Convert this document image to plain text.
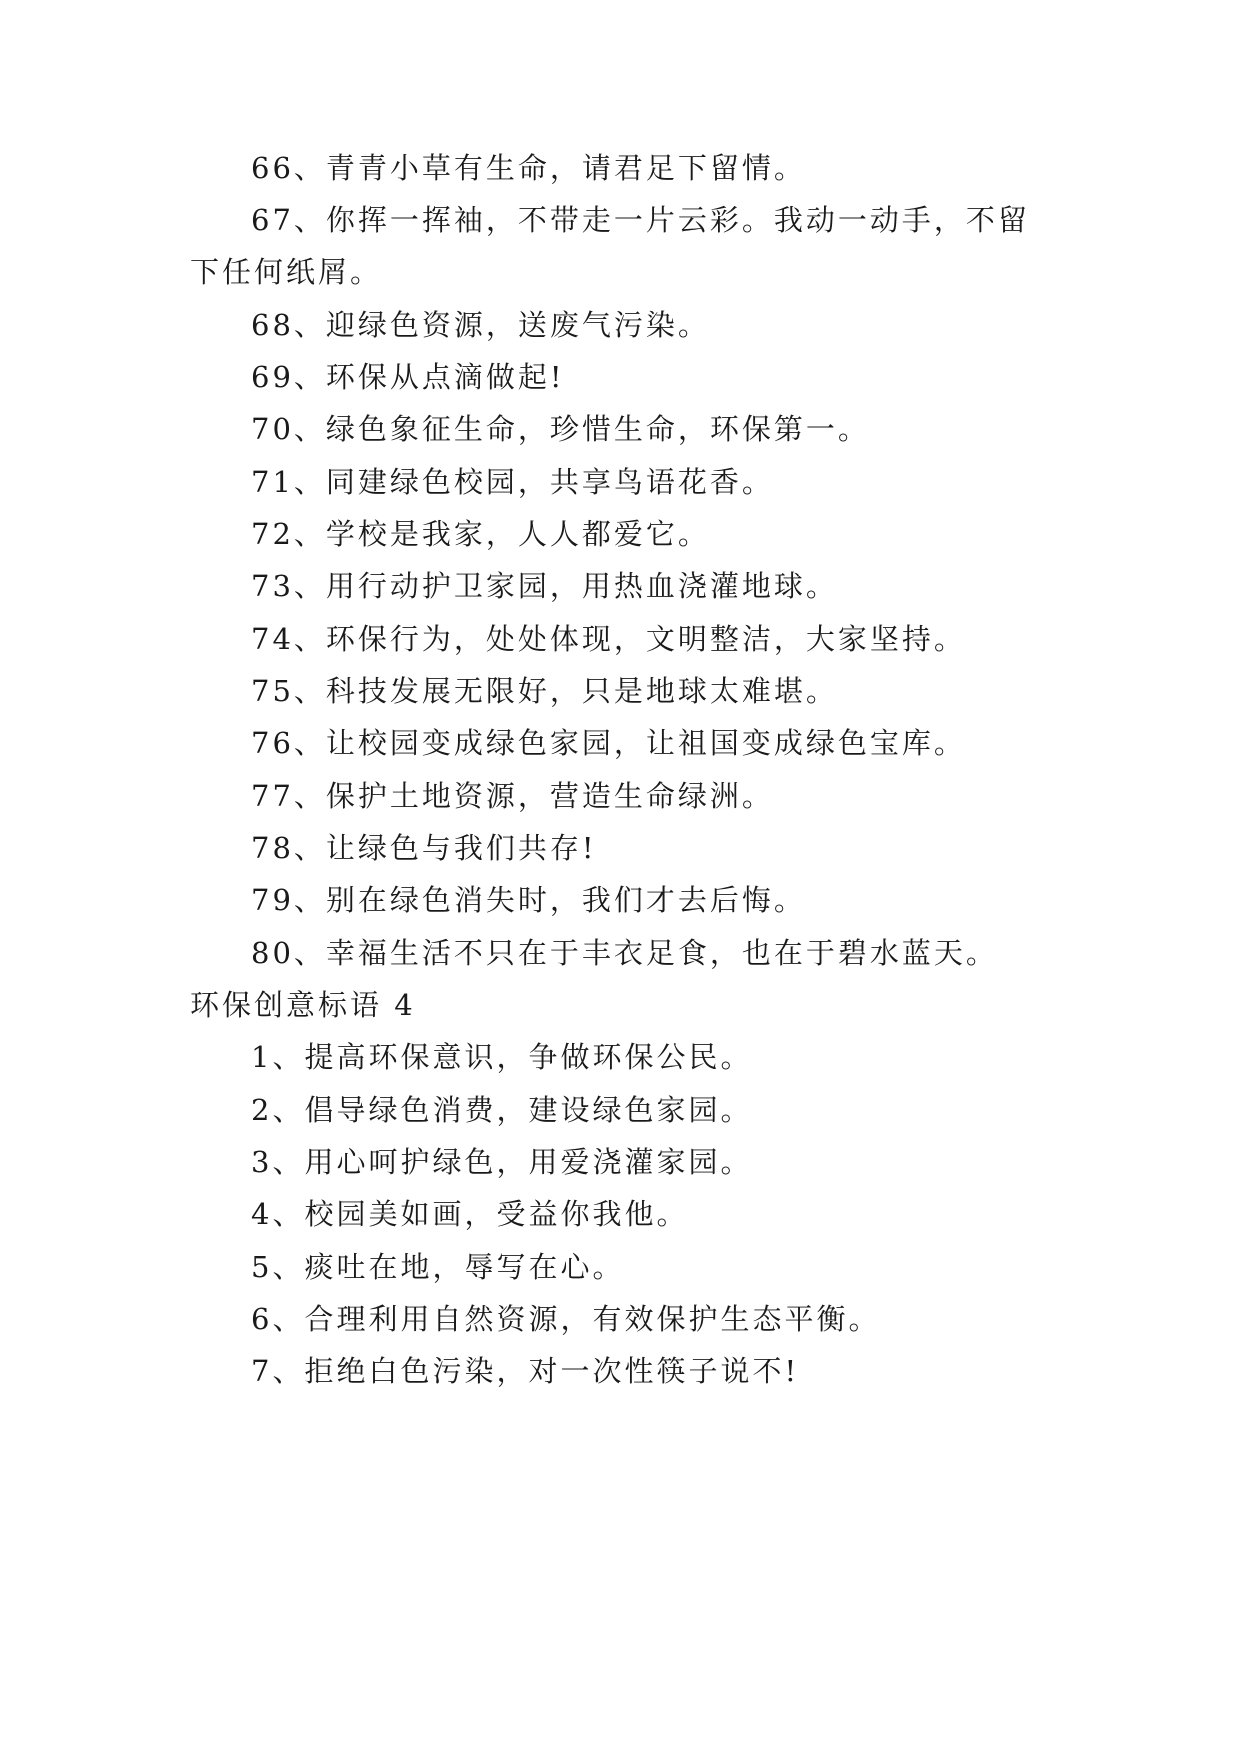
66、青青小草有生命，请君足下留情。
67、你挥一挥袖，不带走一片云彩。我动一动手，不留
下任何纸屑。
68、迎绿色资源，送废气污染。
69、环保从点滴做起!
70、绿色象征生命，珍惜生命，环保第一。
71、同建绿色校园，共享鸟语花香。
72、学校是我家，人人都爱它。
73、用行动护卫家园，用热血浇灌地球。
74、环保行为，处处体现，文明整洁，大家坚持。
75、科技发展无限好，只是地球太难堪。
76、让校园变成绿色家园，让祖国变成绿色宝库。
77、保护土地资源，营造生命绿洲。
78、让绿色与我们共存!
79、别在绿色消失时，我们才去后悔。
80、幸福生活不只在于丰衣足食，也在于碧水蓝天。
环保创意标语 4
1、提高环保意识，争做环保公民。
2、倡导绿色消费，建设绿色家园。
3、用心呵护绿色，用爱浇灌家园。
4、校园美如画，受益你我他。
5、痰吐在地，辱写在心。
6、合理利用自然资源，有效保护生态平衡。
7、拒绝白色污染，对一次性筷子说不!
